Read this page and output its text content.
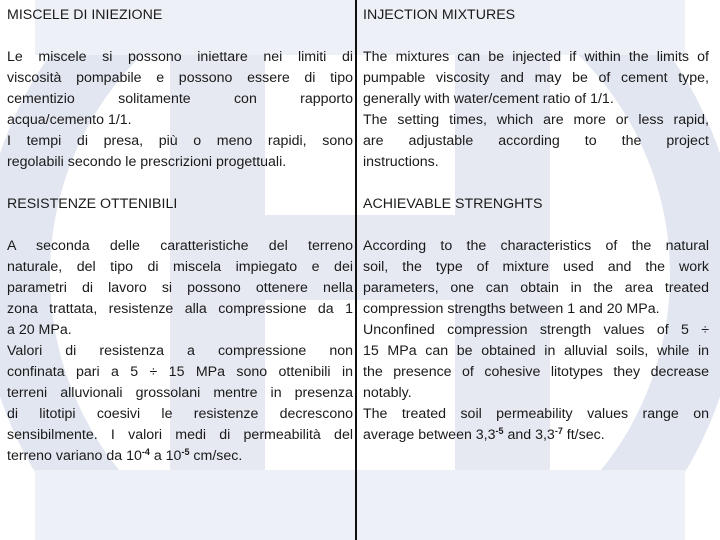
MISCELE DI INIEZIONE
Le miscele si possono iniettare nei limiti di
viscosità pompabile e possono essere di tipo
cementizio solitamente con rapporto
acqua/cemento 1/1.
I tempi di presa, più o meno rapidi, sono
regolabili secondo le prescrizioni progettuali.
RESISTENZE OTTENIBILI
A seconda delle caratteristiche del terreno
naturale, del tipo di miscela impiegato e dei
parametri di lavoro si possono ottenere nella
zona trattata, resistenze alla compressione da 1
a 20 MPa.
Valori di resistenza a compressione non
confinata pari a 5 ÷ 15 MPa sono ottenibili in
terreni alluvionali grossolani mentre in presenza
di litotipi coesivi le resistenze decrescono
sensibilmente. I valori medi di permeabilità del
terreno variano da $10^{-4}$ a $10^{-5}$ cm/sec.
INJECTION MIXTURES
The mixtures can be injected if within the limits of
pumpable viscosity and may be of cement type,
generally with water/cement ratio of 1/1.
The setting times, which are more or less rapid,
are adjustable according to the project
instructions.
ACHIEVABLE STRENGHTS
According to the characteristics of the natural
soil, the type of mixture used and the work
parameters, one can obtain in the area treated
compression strengths between 1 and 20 MPa.
Unconfined compression strength values of 5 ÷
15 MPa can be obtained in alluvial soils, while in
the presence of cohesive litotypes they decrease
notably.
The treated soil permeability values range on
average between $3,3^{-5}$ and $3,3^{-7}$ ft/sec.
